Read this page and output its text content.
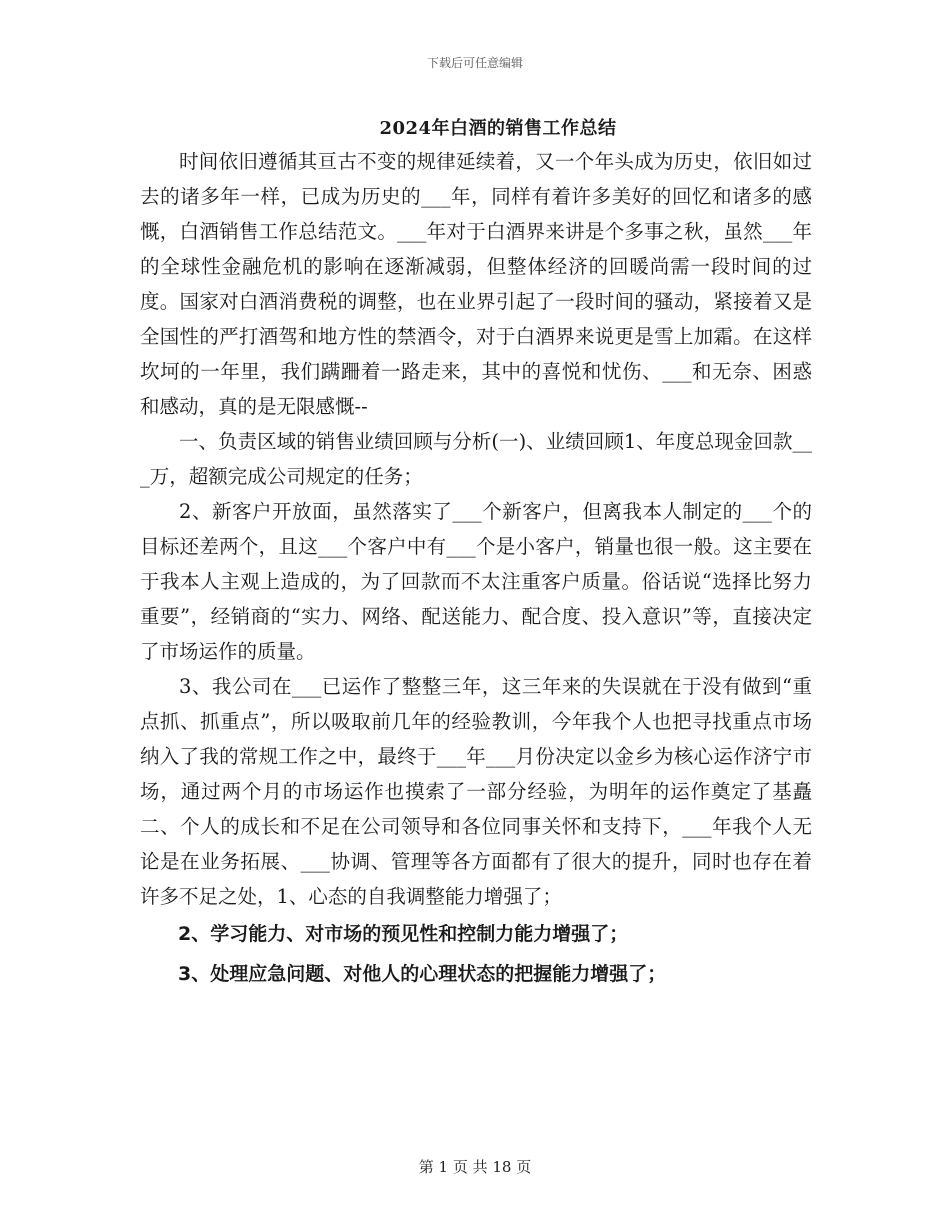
下载后可任意编辑
2024年白酒的销售工作总结

时间依旧遵循其亘古不变的规律延续着，又一个年头成为历史，依旧如过去的诸多年一样，已成为历史的___年，同样有着许多美好的回忆和诸多的感慨，白酒销售工作总结范文。___年对于白酒界来讲是个多事之秋，虽然___年的全球性金融危机的影响在逐渐减弱，但整体经济的回暖尚需一段时间的过度。国家对白酒消费税的调整，也在业界引起了一段时间的骚动，紧接着又是全国性的严打酒驾和地方性的禁酒令，对于白酒界来说更是雪上加霜。在这样坎坷的一年里，我们蹒跚着一路走来，其中的喜悦和忧伤、___和无奈、困惑和感动，真的是无限感慨--

一、负责区域的销售业绩回顾与分析(一)、业绩回顾1、年度总现金回款___万，超额完成公司规定的任务；

2、新客户开放面，虽然落实了___个新客户，但离我本人制定的___个的目标还差两个，且这___个客户中有___个是小客户，销量也很一般。这主要在于我本人主观上造成的，为了回款而不太注重客户质量。俗话说“选择比努力重要”，经销商的“实力、网络、配送能力、配合度、投入意识”等，直接决定了市场运作的质量。

3、我公司在___已运作了整整三年，这三年来的失误就在于没有做到“重点抓、抓重点”，所以吸取前几年的经验教训，今年我个人也把寻找重点市场纳入了我的常规工作之中，最终于___年___月份决定以金乡为核心运作济宁市场，通过两个月的市场运作也摸索了一部分经验，为明年的运作奠定了基矗二、个人的成长和不足在公司领导和各位同事关怀和支持下，___年我个人无论是在业务拓展、___协调、管理等各方面都有了很大的提升，同时也存在着许多不足之处，1、心态的自我调整能力增强了；

2、学习能力、对市场的预见性和控制力能力增强了；

3、处理应急问题、对他人的心理状态的把握能力增强了；

第 1 页 共 18 页
